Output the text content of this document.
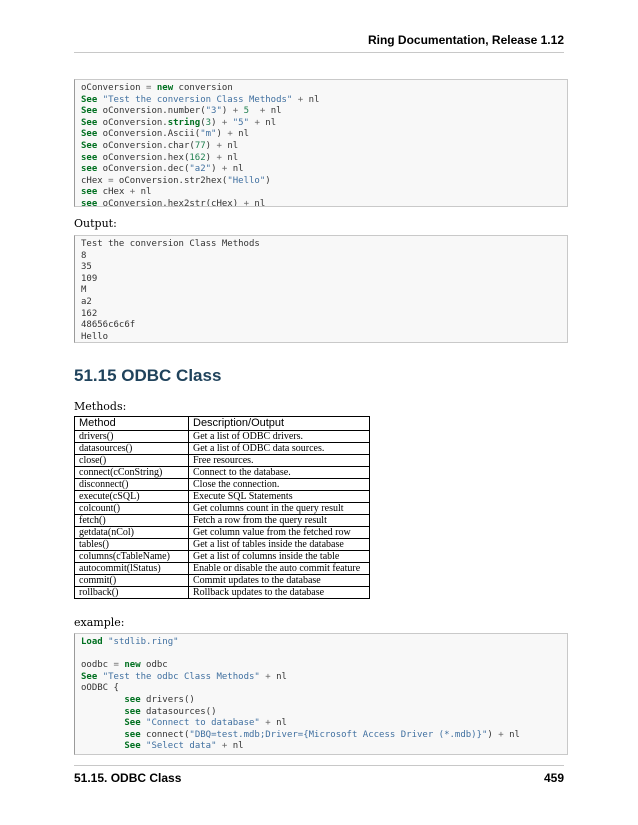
Ring Documentation, Release 1.12
oConversion = new conversion
See "Test the conversion Class Methods" + nl
See oConversion.number("3") + 5 + nl
See oConversion.string(3) + "5" + nl
See oConversion.Ascii("m") + nl
See oConversion.char(77) + nl
see oConversion.hex(162) + nl
see oConversion.dec("a2") + nl
cHex = oConversion.str2hex("Hello")
see cHex + nl
see oConversion.hex2str(cHex) + nl
Output:
Test the conversion Class Methods
8
35
109
M
a2
162
48656c6c6f
Hello
51.15 ODBC Class
Methods:
Method	Description/Output
drivers()	Get a list of ODBC drivers.
datasources()	Get a list of ODBC data sources.
close()	Free resources.
connect(cConString)	Connect to the database.
disconnect()	Close the connection.
execute(cSQL)	Execute SQL Statements
colcount()	Get columns count in the query result
fetch()	Fetch a row from the query result
getdata(nCol)	Get column value from the fetched row
tables()	Get a list of tables inside the database
columns(cTableName)	Get a list of columns inside the table
autocommit(lStatus)	Enable or disable the auto commit feature
commit()	Commit updates to the database
rollback()	Rollback updates to the database
example:
Load "stdlib.ring"
oodbc = new odbc
See "Test the odbc Class Methods" + nl
oODBC {
see drivers()
see datasources()
See "Connect to database" + nl
see connect("DBQ=test.mdb;Driver={Microsoft Access Driver (*.mdb)}") + nl
See "Select data" + nl
51.15. ODBC Class	459
